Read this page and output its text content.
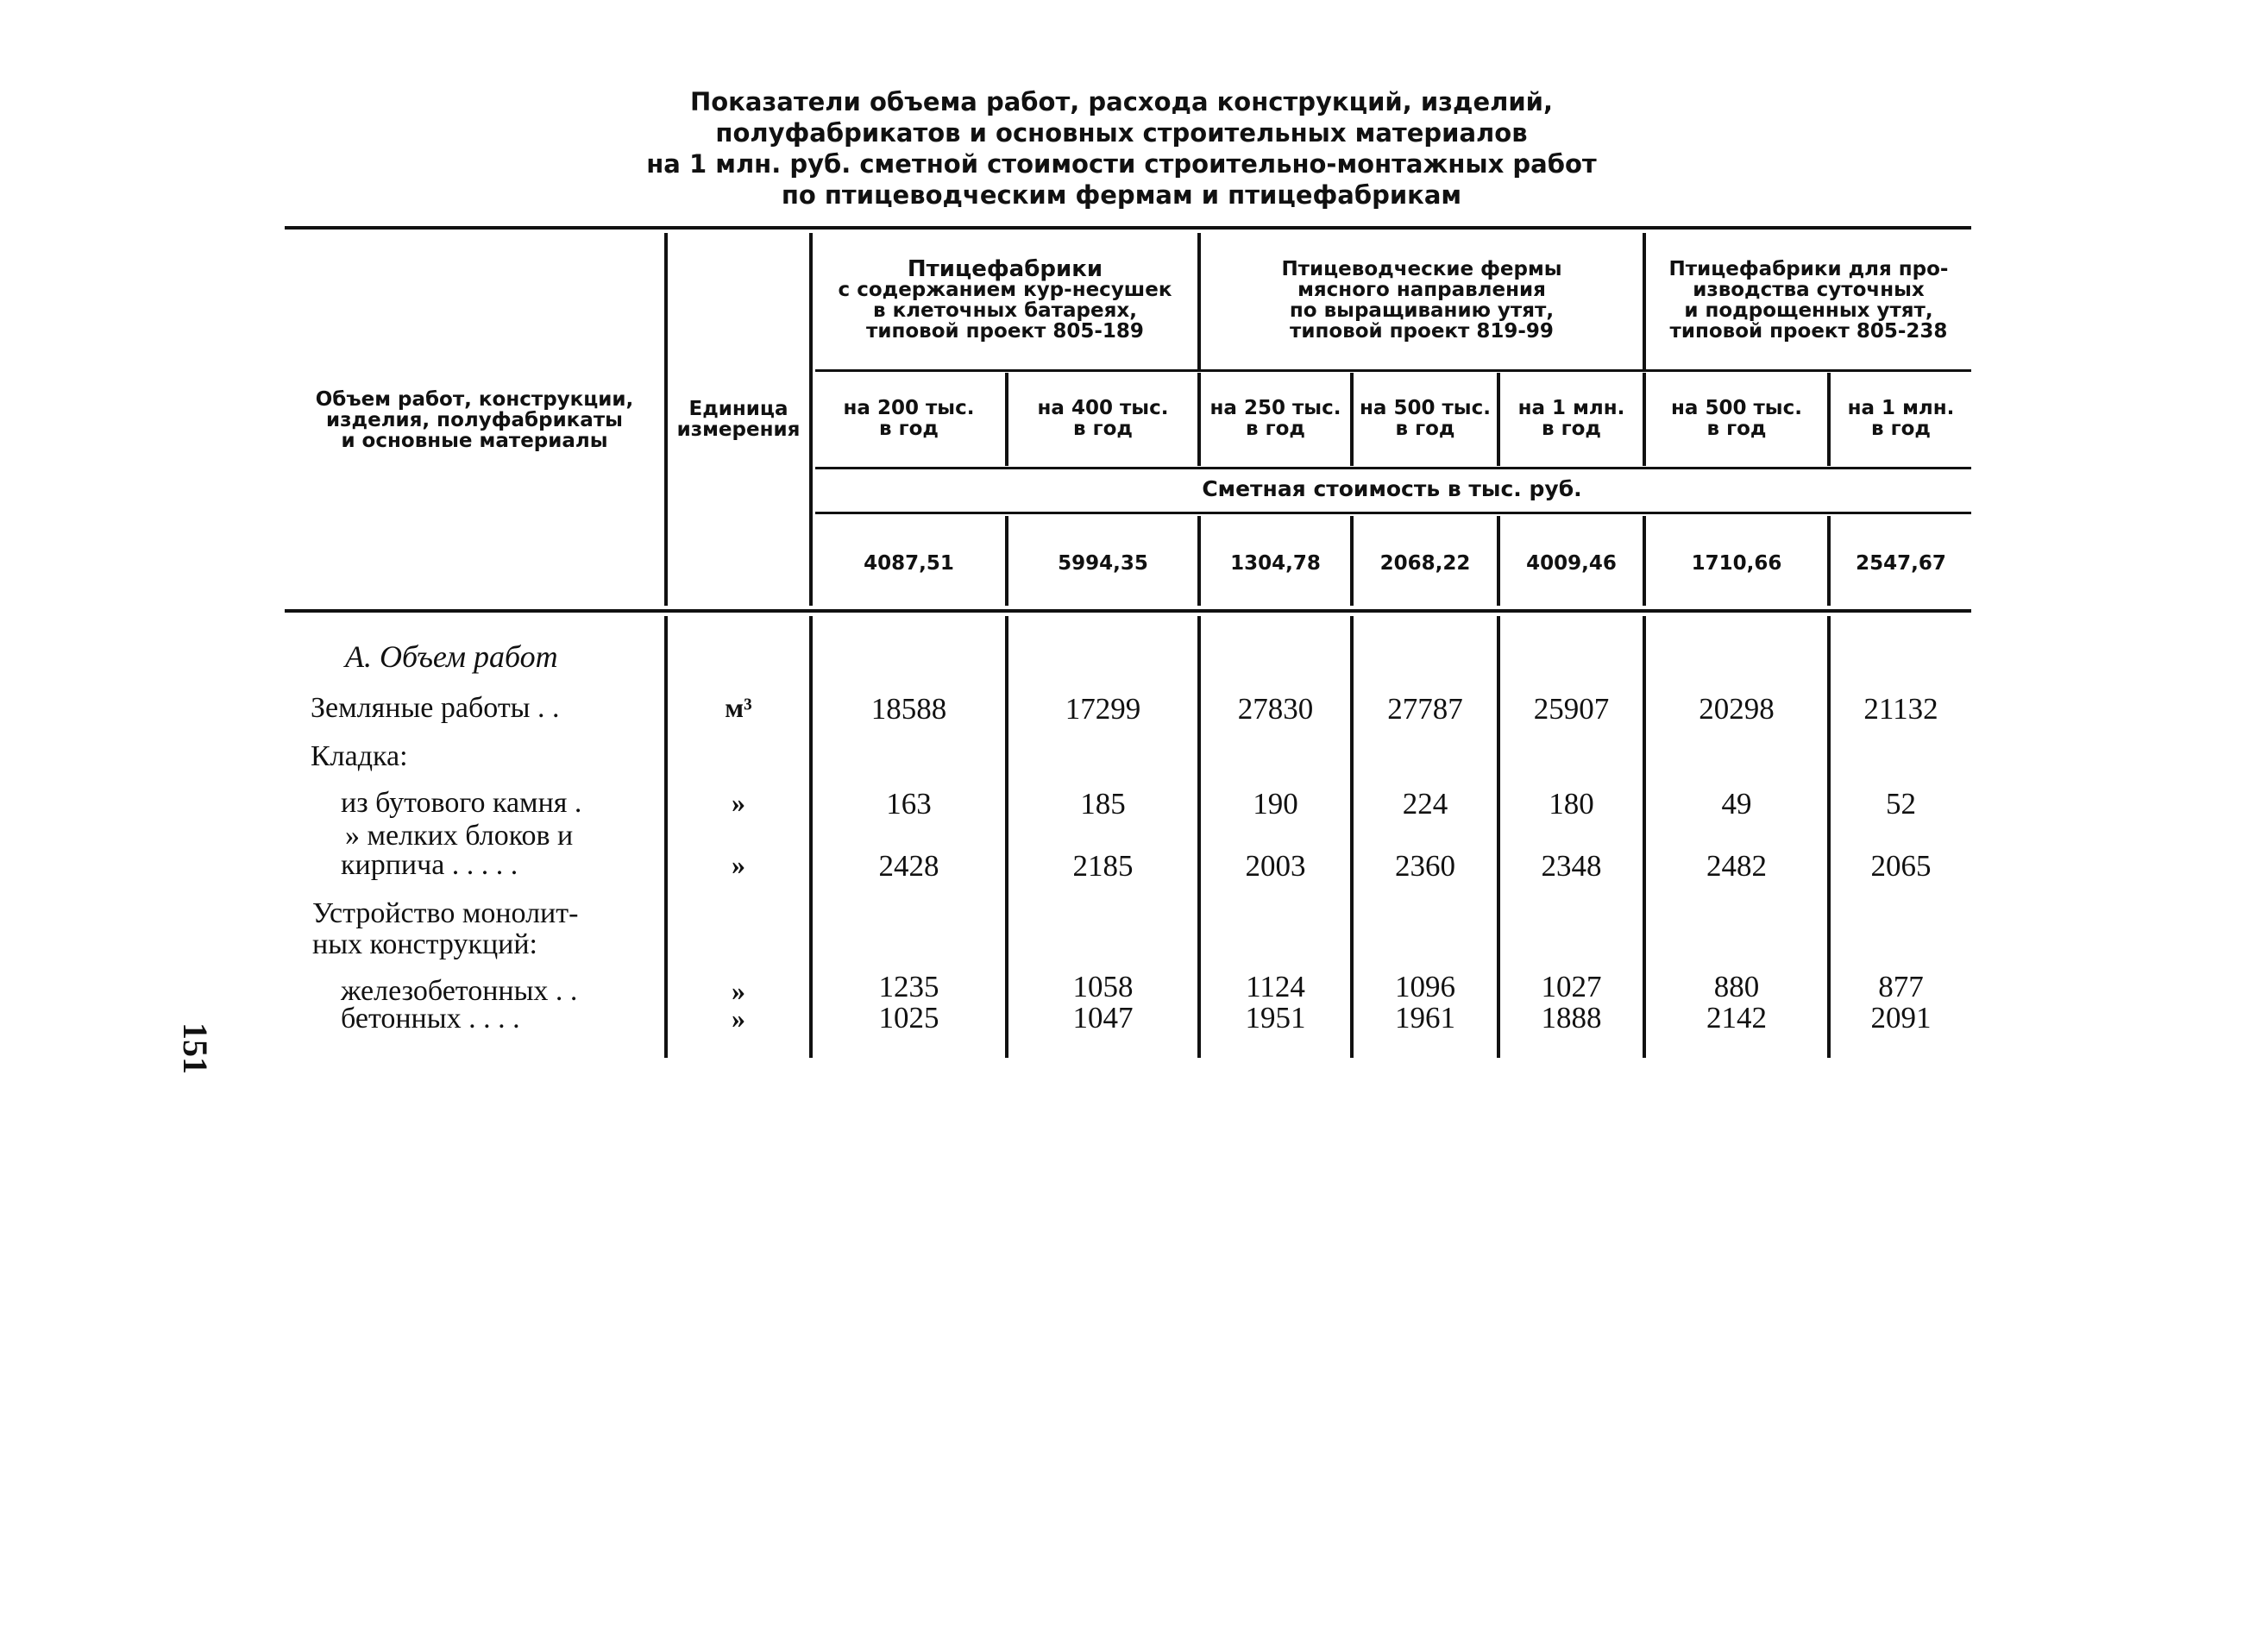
Показатели объема работ, расхода конструкций, изделий,
полуфабрикатов и основных строительных материалов
на 1 млн. руб. сметной стоимости строительно-монтажных работ
по птицеводческим фермам и птицефабрикам
Объем работ, конструкции,
изделия, полуфабрикаты
и основные материалы
Единица
измерения
Птицефабрики
с содержанием кур-несушек
в клеточных батареях,
типовой проект 805-189
Птицеводческие фермы
мясного направления
по выращиванию утят,
типовой проект 819-99
Птицефабрики для про-
изводства суточных
и подрощенных утят,
типовой проект 805-238
на 200 тыс.
в год
на 400 тыс.
в год
на 250 тыс.
в год
на 500 тыс.
в год
на 1 млн.
в год
на 500 тыс.
в год
на 1 млн.
в год
Сметная стоимость в тыс. руб.
4087,51	5994,35	1304,78	2068,22	4009,46	1710,66	2547,67
А. Объем работ
Земляные работы . .	м³	18588	17299	27830	27787	25907	20298	21132
Кладка:
из бутового камня .	»	163	185	190	224	180	49	52
» мелких блоков и
кирпича . . . . .	»	2428	2185	2003	2360	2348	2482	2065
Устройство монолит-
ных конструкций:
железобетонных . .	»	1235	1058	1124	1096	1027	880	877
бетонных . . . .	»	1025	1047	1951	1961	1888	2142	2091
151
